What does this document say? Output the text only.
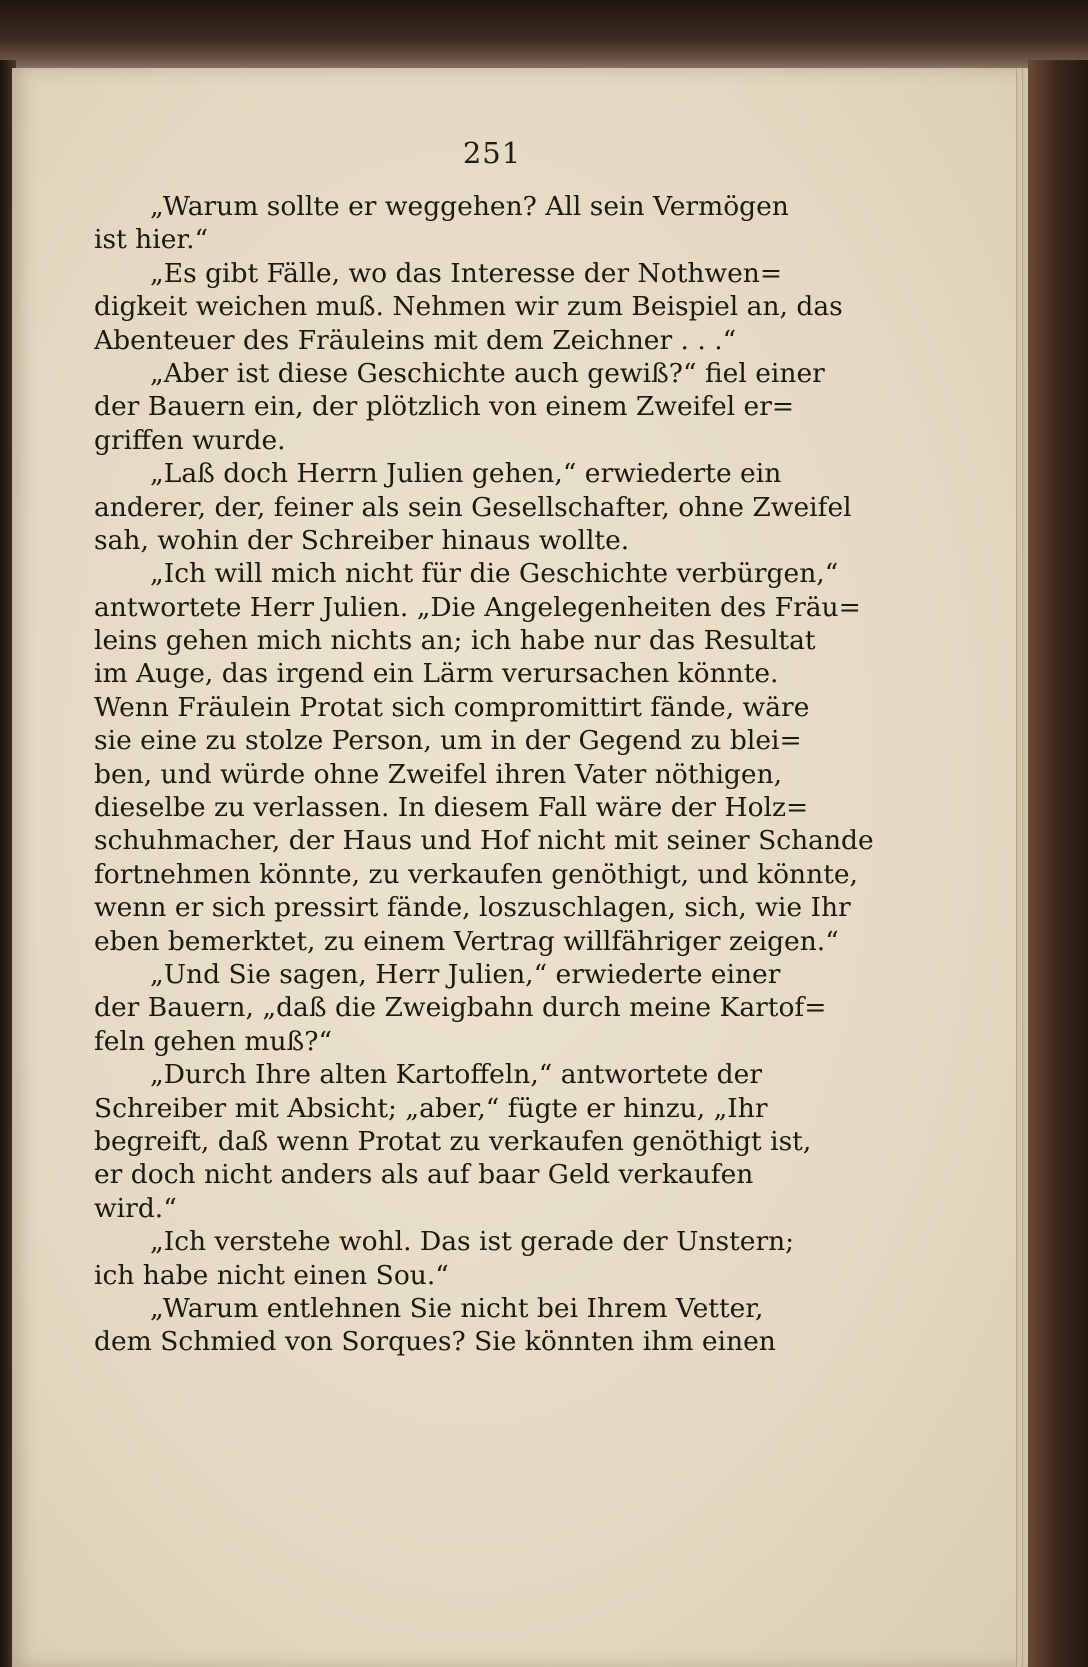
251
„Warum sollte er weggehen? All sein Vermögen
ist hier.“
„Es gibt Fälle, wo das Interesse der Nothwen=
digkeit weichen muß. Nehmen wir zum Beispiel an, das
Abenteuer des Fräuleins mit dem Zeichner . . .“
„Aber ist diese Geschichte auch gewiß?“ fiel einer
der Bauern ein, der plötzlich von einem Zweifel er=
griffen wurde.
„Laß doch Herrn Julien gehen,“ erwiederte ein
anderer, der, feiner als sein Gesellschafter, ohne Zweifel
sah, wohin der Schreiber hinaus wollte.
„Ich will mich nicht für die Geschichte verbürgen,“
antwortete Herr Julien. „Die Angelegenheiten des Fräu=
leins gehen mich nichts an; ich habe nur das Resultat
im Auge, das irgend ein Lärm verursachen könnte.
Wenn Fräulein Protat sich compromittirt fände, wäre
sie eine zu stolze Person, um in der Gegend zu blei=
ben, und würde ohne Zweifel ihren Vater nöthigen,
dieselbe zu verlassen. In diesem Fall wäre der Holz=
schuhmacher, der Haus und Hof nicht mit seiner Schande
fortnehmen könnte, zu verkaufen genöthigt, und könnte,
wenn er sich pressirt fände, loszuschlagen, sich, wie Ihr
eben bemerktet, zu einem Vertrag willfähriger zeigen.“
„Und Sie sagen, Herr Julien,“ erwiederte einer
der Bauern, „daß die Zweigbahn durch meine Kartof=
feln gehen muß?“
„Durch Ihre alten Kartoffeln,“ antwortete der
Schreiber mit Absicht; „aber,“ fügte er hinzu, „Ihr
begreift, daß wenn Protat zu verkaufen genöthigt ist,
er doch nicht anders als auf baar Geld verkaufen
wird.“
„Ich verstehe wohl. Das ist gerade der Unstern;
ich habe nicht einen Sou.“
„Warum entlehnen Sie nicht bei Ihrem Vetter,
dem Schmied von Sorques? Sie könnten ihm einen
